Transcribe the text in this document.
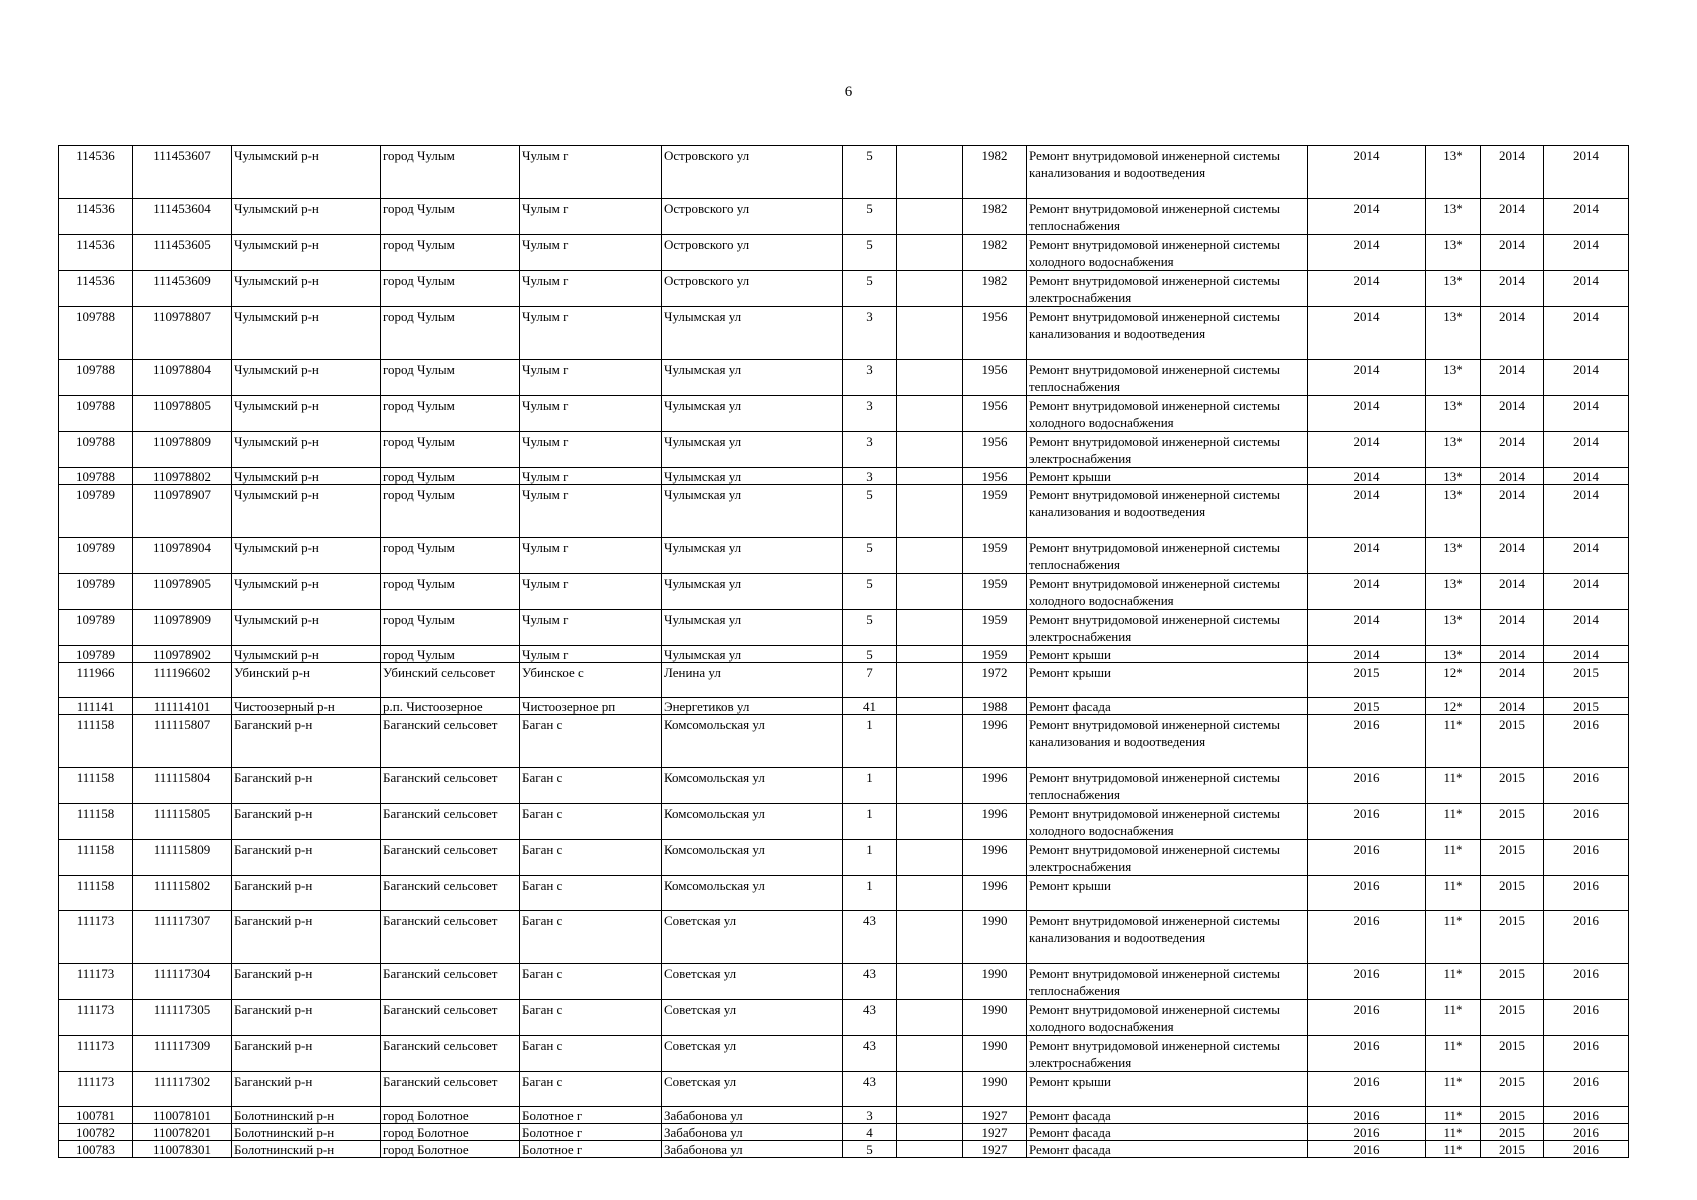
6
114536	111453607	Чулымский р-н	город Чулым	Чулым г	Островского ул	5		1982	Ремонт внутридомовой инженерной системы канализования и водоотведения	2014	13*	2014	2014
114536	111453604	Чулымский р-н	город Чулым	Чулым г	Островского ул	5		1982	Ремонт внутридомовой инженерной системы теплоснабжения	2014	13*	2014	2014
114536	111453605	Чулымский р-н	город Чулым	Чулым г	Островского ул	5		1982	Ремонт внутридомовой инженерной системы холодного водоснабжения	2014	13*	2014	2014
114536	111453609	Чулымский р-н	город Чулым	Чулым г	Островского ул	5		1982	Ремонт внутридомовой инженерной системы электроснабжения	2014	13*	2014	2014
109788	110978807	Чулымский р-н	город Чулым	Чулым г	Чулымская ул	3		1956	Ремонт внутридомовой инженерной системы канализования и водоотведения	2014	13*	2014	2014
109788	110978804	Чулымский р-н	город Чулым	Чулым г	Чулымская ул	3		1956	Ремонт внутридомовой инженерной системы теплоснабжения	2014	13*	2014	2014
109788	110978805	Чулымский р-н	город Чулым	Чулым г	Чулымская ул	3		1956	Ремонт внутридомовой инженерной системы холодного водоснабжения	2014	13*	2014	2014
109788	110978809	Чулымский р-н	город Чулым	Чулым г	Чулымская ул	3		1956	Ремонт внутридомовой инженерной системы электроснабжения	2014	13*	2014	2014
109788	110978802	Чулымский р-н	город Чулым	Чулым г	Чулымская ул	3		1956	Ремонт крыши	2014	13*	2014	2014
109789	110978907	Чулымский р-н	город Чулым	Чулым г	Чулымская ул	5		1959	Ремонт внутридомовой инженерной системы канализования и водоотведения	2014	13*	2014	2014
109789	110978904	Чулымский р-н	город Чулым	Чулым г	Чулымская ул	5		1959	Ремонт внутридомовой инженерной системы теплоснабжения	2014	13*	2014	2014
109789	110978905	Чулымский р-н	город Чулым	Чулым г	Чулымская ул	5		1959	Ремонт внутридомовой инженерной системы холодного водоснабжения	2014	13*	2014	2014
109789	110978909	Чулымский р-н	город Чулым	Чулым г	Чулымская ул	5		1959	Ремонт внутридомовой инженерной системы электроснабжения	2014	13*	2014	2014
109789	110978902	Чулымский р-н	город Чулым	Чулым г	Чулымская ул	5		1959	Ремонт крыши	2014	13*	2014	2014
111966	111196602	Убинский р-н	Убинский сельсовет	Убинское с	Ленина ул	7		1972	Ремонт крыши	2015	12*	2014	2015
111141	111114101	Чистоозерный р-н	р.п. Чистоозерное	Чистоозерное рп	Энергетиков ул	41		1988	Ремонт фасада	2015	12*	2014	2015
111158	111115807	Баганский р-н	Баганский сельсовет	Баган с	Комсомольская ул	1		1996	Ремонт внутридомовой инженерной системы канализования и водоотведения	2016	11*	2015	2016
111158	111115804	Баганский р-н	Баганский сельсовет	Баган с	Комсомольская ул	1		1996	Ремонт внутридомовой инженерной системы теплоснабжения	2016	11*	2015	2016
111158	111115805	Баганский р-н	Баганский сельсовет	Баган с	Комсомольская ул	1		1996	Ремонт внутридомовой инженерной системы холодного водоснабжения	2016	11*	2015	2016
111158	111115809	Баганский р-н	Баганский сельсовет	Баган с	Комсомольская ул	1		1996	Ремонт внутридомовой инженерной системы электроснабжения	2016	11*	2015	2016
111158	111115802	Баганский р-н	Баганский сельсовет	Баган с	Комсомольская ул	1		1996	Ремонт крыши	2016	11*	2015	2016
111173	111117307	Баганский р-н	Баганский сельсовет	Баган с	Советская ул	43		1990	Ремонт внутридомовой инженерной системы канализования и водоотведения	2016	11*	2015	2016
111173	111117304	Баганский р-н	Баганский сельсовет	Баган с	Советская ул	43		1990	Ремонт внутридомовой инженерной системы теплоснабжения	2016	11*	2015	2016
111173	111117305	Баганский р-н	Баганский сельсовет	Баган с	Советская ул	43		1990	Ремонт внутридомовой инженерной системы холодного водоснабжения	2016	11*	2015	2016
111173	111117309	Баганский р-н	Баганский сельсовет	Баган с	Советская ул	43		1990	Ремонт внутридомовой инженерной системы электроснабжения	2016	11*	2015	2016
111173	111117302	Баганский р-н	Баганский сельсовет	Баган с	Советская ул	43		1990	Ремонт крыши	2016	11*	2015	2016
100781	110078101	Болотнинский р-н	город Болотное	Болотное г	Забабонова ул	3		1927	Ремонт фасада	2016	11*	2015	2016
100782	110078201	Болотнинский р-н	город Болотное	Болотное г	Забабонова ул	4		1927	Ремонт фасада	2016	11*	2015	2016
100783	110078301	Болотнинский р-н	город Болотное	Болотное г	Забабонова ул	5		1927	Ремонт фасада	2016	11*	2015	2016
